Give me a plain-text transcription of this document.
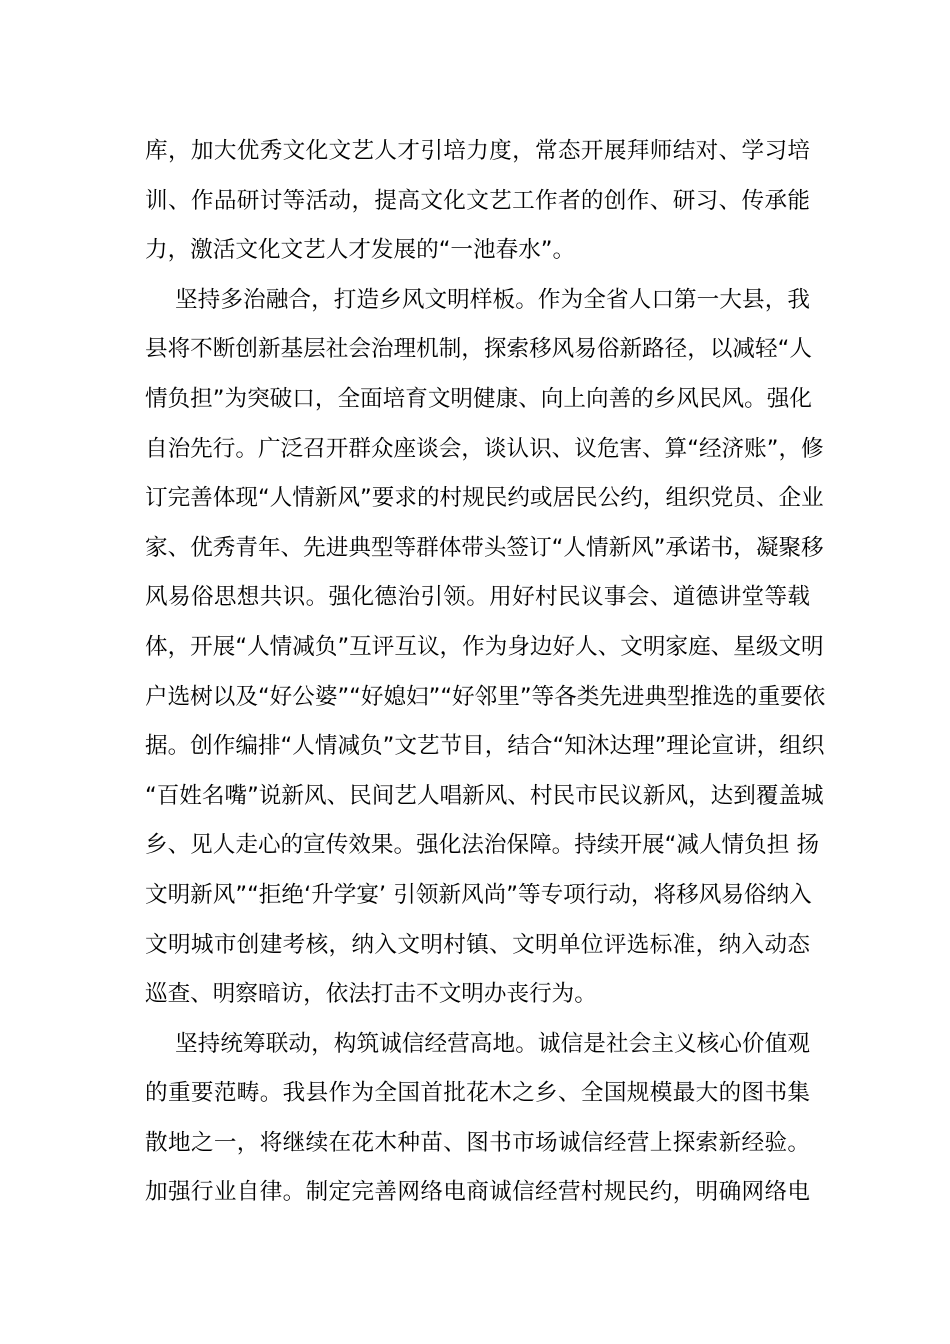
库，加大优秀文化文艺人才引培力度，常态开展拜师结对、学习培
训、作品研讨等活动，提高文化文艺工作者的创作、研习、传承能
力，激活文化文艺人才发展的“一池春水”。
坚持多治融合，打造乡风文明样板。作为全省人口第一大县，我
县将不断创新基层社会治理机制，探索移风易俗新路径，以减轻“人
情负担”为突破口，全面培育文明健康、向上向善的乡风民风。强化
自治先行。广泛召开群众座谈会，谈认识、议危害、算“经济账”，修
订完善体现“人情新风”要求的村规民约或居民公约，组织党员、企业
家、优秀青年、先进典型等群体带头签订“人情新风”承诺书，凝聚移
风易俗思想共识。强化德治引领。用好村民议事会、道德讲堂等载
体，开展“人情减负”互评互议，作为身边好人、文明家庭、星级文明
户选树以及“好公婆”“好媳妇”“好邻里”等各类先进典型推选的重要依
据。创作编排“人情减负”文艺节目，结合“知沐达理”理论宣讲，组织
“百姓名嘴”说新风、民间艺人唱新风、村民市民议新风，达到覆盖城
乡、见人走心的宣传效果。强化法治保障。持续开展“减人情负担 扬
文明新风”“拒绝‘升学宴’ 引领新风尚”等专项行动，将移风易俗纳入
文明城市创建考核，纳入文明村镇、文明单位评选标准，纳入动态
巡查、明察暗访，依法打击不文明办丧行为。
坚持统筹联动，构筑诚信经营高地。诚信是社会主义核心价值观
的重要范畴。我县作为全国首批花木之乡、全国规模最大的图书集
散地之一，将继续在花木种苗、图书市场诚信经营上探索新经验。
加强行业自律。制定完善网络电商诚信经营村规民约，明确网络电
